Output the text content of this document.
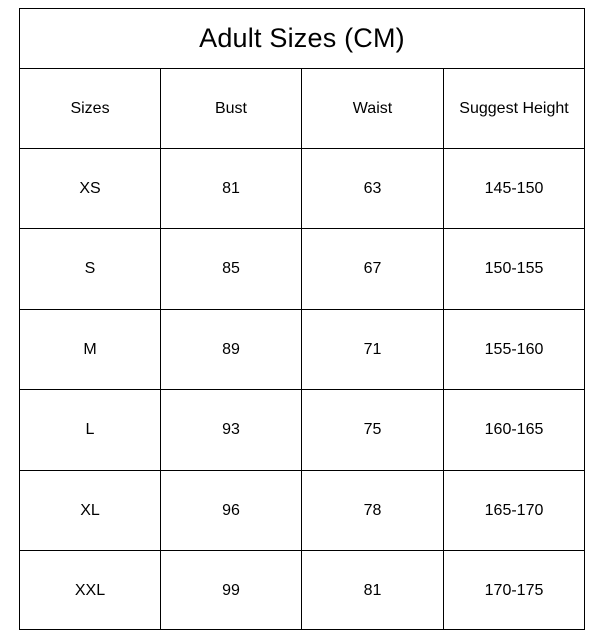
Adult Sizes (CM)
Sizes	Bust	Waist	Suggest Height
XS	81	63	145-150
S	85	67	150-155
M	89	71	155-160
L	93	75	160-165
XL	96	78	165-170
XXL	99	81	170-175
